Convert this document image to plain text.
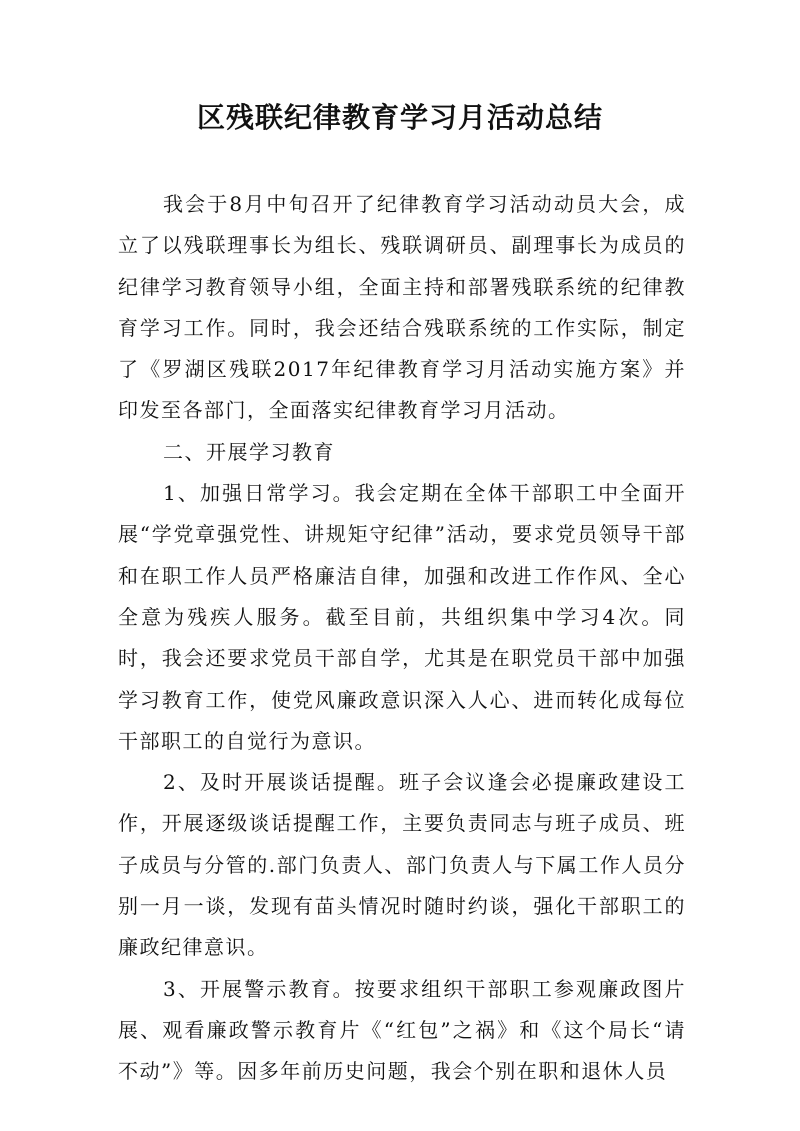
区残联纪律教育学习月活动总结

我会于8月中旬召开了纪律教育学习活动动员大会，成立了以残联理事长为组长、残联调研员、副理事长为成员的纪律学习教育领导小组，全面主持和部署残联系统的纪律教育学习工作。同时，我会还结合残联系统的工作实际，制定了《罗湖区残联2017年纪律教育学习月活动实施方案》并印发至各部门，全面落实纪律教育学习月活动。

二、开展学习教育

1、加强日常学习。我会定期在全体干部职工中全面开展“学党章强党性、讲规矩守纪律”活动，要求党员领导干部和在职工作人员严格廉洁自律，加强和改进工作作风、全心全意为残疾人服务。截至目前，共组织集中学习4次。同时，我会还要求党员干部自学，尤其是在职党员干部中加强学习教育工作，使党风廉政意识深入人心、进而转化成每位干部职工的自觉行为意识。

2、及时开展谈话提醒。班子会议逢会必提廉政建设工作，开展逐级谈话提醒工作，主要负责同志与班子成员、班子成员与分管的.部门负责人、部门负责人与下属工作人员分别一月一谈，发现有苗头情况时随时约谈，强化干部职工的廉政纪律意识。

3、开展警示教育。按要求组织干部职工参观廉政图片展、观看廉政警示教育片《“红包”之祸》和《这个局长“请不动”》等。因多年前历史问题，我会个别在职和退休人员
